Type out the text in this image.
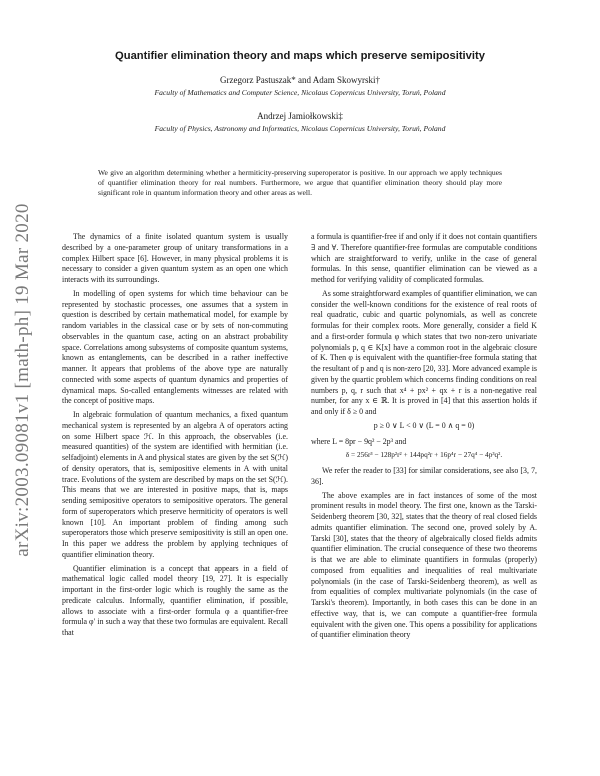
arXiv:2003.09081v1 [math-ph] 19 Mar 2020
Quantifier elimination theory and maps which preserve semipositivity

Grzegorz Pastuszak* and Adam Skowyrski†

Faculty of Mathematics and Computer Science, Nicolaus Copernicus University, Toruń, Poland

Andrzej Jamiołkowski‡

Faculty of Physics, Astronomy and Informatics, Nicolaus Copernicus University, Toruń, Poland

We give an algorithm determining whether a hermiticity-preserving superoperator is positive. In our approach we apply techniques of quantifier elimination theory for real numbers. Furthermore, we argue that quantifier elimination theory should play more significant role in quantum information theory and other areas as well.

The dynamics of a finite isolated quantum system is usually described by a one-parameter group of unitary transformations in a complex Hilbert space [6]. However, in many physical problems it is necessary to consider a given quantum system as an open one which interacts with its surroundings.

In modelling of open systems for which time behaviour can be represented by stochastic processes, one assumes that a system in question is described by certain mathematical model, for example by random variables in the classical case or by sets of non-commuting observables in the quantum case, acting on an abstract probability space. Correlations among subsystems of composite quantum systems, known as entanglements, can be described in a rather ineffective manner. It appears that problems of the above type are naturally connected with some aspects of quantum dynamics and properties of dynamical maps. So-called entanglements witnesses are related with the concept of positive maps.

In algebraic formulation of quantum mechanics, a fixed quantum mechanical system is represented by an algebra A of operators acting on some Hilbert space ℋ. In this approach, the observables (i.e. measured quantities) of the system are identified with hermitian (i.e. selfadjoint) elements in A and physical states are given by the set S(ℋ) of density operators, that is, semipositive elements in A with unital trace. Evolutions of the system are described by maps on the set S(ℋ). This means that we are interested in positive maps, that is, maps sending semipositive operators to semipositive operators. The general form of superoperators which preserve hermiticity of operators is well known [10]. An important problem of finding among such superoperators those which preserve semipositivity is still an open one. In this paper we address the problem by applying techniques of quantifier elimination theory.

Quantifier elimination is a concept that appears in a field of mathematical logic called model theory [19, 27]. It is especially important in the first-order logic which is roughly the same as the predicate calculus. Informally, quantifier elimination, if possible, allows to associate with a first-order formula φ a quantifier-free formula φ′ in such a way that these two formulas are equivalent. Recall that

a formula is quantifier-free if and only if it does not contain quantifiers ∃ and ∀. Therefore quantifier-free formulas are computable conditions which are straightforward to verify, unlike in the case of general formulas. In this sense, quantifier elimination can be viewed as a method for verifying validity of complicated formulas.

As some straightforward examples of quantifier elimination, we can consider the well-known conditions for the existence of real roots of real quadratic, cubic and quartic polynomials, as well as concrete formulas for their complex roots. More generally, consider a field K and a first-order formula φ which states that two non-zero univariate polynomials p, q ∈ K[x] have a common root in the algebraic closure of K. Then φ is equivalent with the quantifier-free formula stating that the resultant of p and q is non-zero [20, 33]. More advanced example is given by the quartic problem which concerns finding conditions on real numbers p, q, r such that x⁴ + px² + qx + r is a non-negative real number, for any x ∈ ℝ. It is proved in [4] that this assertion holds if and only if δ ≥ 0 and

p ≥ 0 ∨ L < 0 ∨ (L = 0 ∧ q = 0)

where L = 8pr − 9q² − 2p³ and

δ = 256r³ − 128p²r² + 144pq²r + 16p⁴r − 27q⁴ − 4p³q².

We refer the reader to [33] for similar considerations, see also [3, 7, 36].

The above examples are in fact instances of some of the most prominent results in model theory. The first one, known as the Tarski-Seidenberg theorem [30, 32], states that the theory of real closed fields admits quantifier elimination. The second one, proved solely by A. Tarski [30], states that the theory of algebraically closed fields admits quantifier elimination. The crucial consequence of these two theorems is that we are able to eliminate quantifiers in formulas (properly) composed from equalities and inequalities of real multivariate polynomials (in the case of Tarski-Seidenberg theorem), as well as from equalities of complex multivariate polynomials (in the case of Tarski's theorem). Importantly, in both cases this can be done in an effective way, that is, we can compute a quantifier-free formula equivalent with the given one. This opens a possibility for applications of quantifier elimination theory
